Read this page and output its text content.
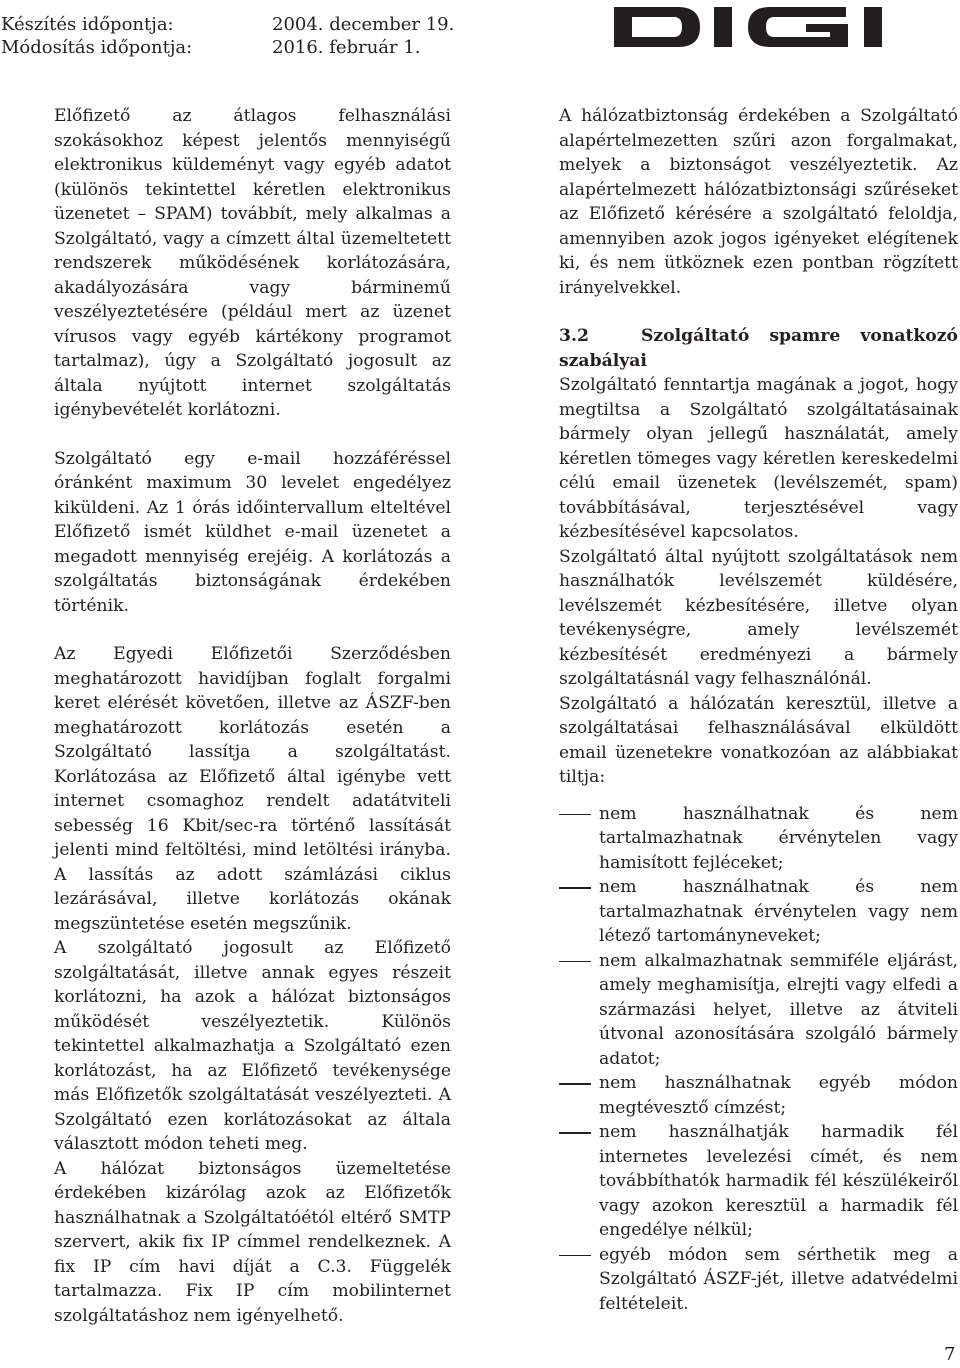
Készítés időpontja:	2004. december 19.
Módosítás időpontja:	2016. február 1.

Előfizető az átlagos felhasználási szokásokhoz képest jelentős mennyiségű elektronikus küldeményt vagy egyéb adatot (különös tekintettel kéretlen elektronikus üzenetet – SPAM) továbbít, mely alkalmas a Szolgáltató, vagy a címzett által üzemeltetett rendszerek működésének korlátozására, akadályozására vagy bárminemű veszélyeztetésére (például mert az üzenet vírusos vagy egyéb kártékony programot tartalmaz), úgy a Szolgáltató jogosult az általa nyújtott internet szolgáltatás igénybevételét korlátozni.

Szolgáltató egy e-mail hozzáféréssel óránként maximum 30 levelet engedélyez kiküldeni. Az 1 órás időintervallum elteltével Előfizető ismét küldhet e-mail üzenetet a megadott mennyiség erejéig. A korlátozás a szolgáltatás biztonságának érdekében történik.

Az Egyedi Előfizetői Szerződésben meghatározott havidíjban foglalt forgalmi keret elérését követően, illetve az ÁSZF-ben meghatározott korlátozás esetén a Szolgáltató lassítja a szolgáltatást. Korlátozása az Előfizető által igénybe vett internet csomaghoz rendelt adatátviteli sebesség 16 Kbit/sec-ra történő lassítását jelenti mind feltöltési, mind letöltési irányba. A lassítás az adott számlázási ciklus lezárásával, illetve korlátozás okának megszüntetése esetén megszűnik.

A szolgáltató jogosult az Előfizető szolgáltatását, illetve annak egyes részeit korlátozni, ha azok a hálózat biztonságos működését veszélyeztetik. Különös tekintettel alkalmazhatja a Szolgáltató ezen korlátozást, ha az Előfizető tevékenysége más Előfizetők szolgáltatását veszélyezteti. A Szolgáltató ezen korlátozásokat az általa választott módon teheti meg.

A hálózat biztonságos üzemeltetése érdekében kizárólag azok az Előfizetők használhatnak a Szolgáltatóétól eltérő SMTP szervert, akik fix IP címmel rendelkeznek. A fix IP cím havi díját a C.3. Függelék tartalmazza. Fix IP cím mobilinternet szolgáltatáshoz nem igényelhető.

A hálózatbiztonság érdekében a Szolgáltató alapértelmezetten szűri azon forgalmakat, melyek a biztonságot veszélyeztetik. Az alapértelmezett hálózatbiztonsági szűréseket az Előfizető kérésére a szolgáltató feloldja, amennyiben azok jogos igényeket elégítenek ki, és nem ütköznek ezen pontban rögzített irányelvekkel.

3.2	Szolgáltató spamre vonatkozó
szabályai

Szolgáltató fenntartja magának a jogot, hogy megtiltsa a Szolgáltató szolgáltatásainak bármely olyan jellegű használatát, amely kéretlen tömeges vagy kéretlen kereskedelmi célú email üzenetek (levélszemét, spam) továbbításával, terjesztésével vagy kézbesítésével kapcsolatos.

Szolgáltató által nyújtott szolgáltatások nem használhatók levélszemét küldésére, levélszemét kézbesítésére, illetve olyan tevékenységre, amely levélszemét kézbesítését eredményezi a bármely szolgáltatásnál vagy felhasználónál.

Szolgáltató a hálózatán keresztül, illetve a szolgáltatásai felhasználásával elküldött email üzenetekre vonatkozóan az alábbiakat tiltja:

nem használhatnak és nem tartalmazhatnak érvénytelen vagy hamisított fejléceket;
nem használhatnak és nem tartalmazhatnak érvénytelen vagy nem létező tartományneveket;
nem alkalmazhatnak semmiféle eljárást, amely meghamisítja, elrejti vagy elfedi a származási helyet, illetve az átviteli útvonal azonosítására szolgáló bármely adatot;
nem használhatnak egyéb módon megtévesztő címzést;
nem használhatják harmadik fél internetes levelezési címét, és nem továbbíthatók harmadik fél készülékeiről vagy azokon keresztül a harmadik fél engedélye nélkül;
egyéb módon sem sérthetik meg a Szolgáltató ÁSZF-jét, illetve adatvédelmi feltételeit.
7
